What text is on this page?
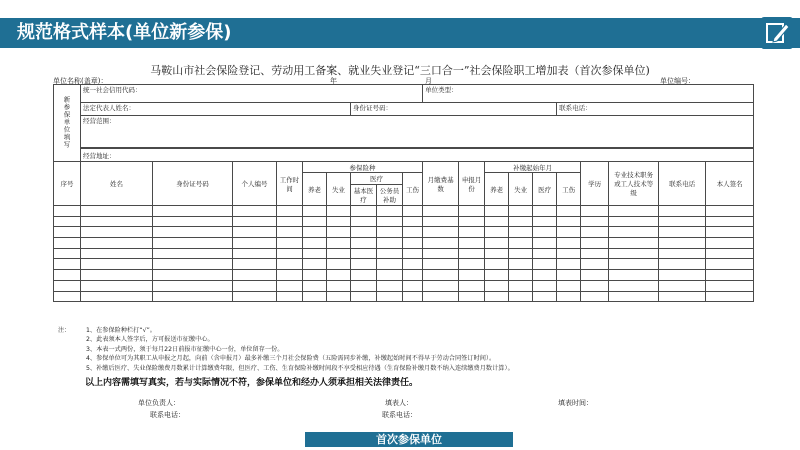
规范格式样本(单位新参保)
马鞍山市社会保险登记、劳动用工备案、就业失业登记“三口合一”社会保险职工增加表（首次参保单位)
单位名称(盖章)：	年	月	单位编号：
新参保单位填写	统一社会信用代码：									单位类型：									
	法定代表人姓名：						身份证号码：								联系电话：				
	经营范围：																		

	经营地址：																		
序号	姓名	身份证号码	个人编号	工作时间	参保险种					月缴费基数	申报月份	补缴起始年月				学历	专业技术职务或工人技术等级	联系电话	本人签名
					养老	失业	医疗		工伤			养老	失业	医疗	工伤				
							基本医疗	公务员补助											

注：	1、在参保险种栏打“√”。
2、此表须本人签字后，方可报送市征缴中心。
3、本表一式两份，须于每月22日前报市征缴中心一份，单位留存一份。
4、参保单位可为其职工从申报之月起，向前（含申报月）最多补缴三个月社会保险费（五险需同步补缴，补缴起始时间不得早于劳动合同签订时间）。
5、补缴后医疗、失业保险缴费月数累计计算缴费年限，但医疗、工伤、生育保险补缴时间段不享受相应待遇（生育保险补缴月数不纳入连续缴费月数计算）。
以上内容需填写真实，若与实际情况不符，参保单位和经办人须承担相关法律责任。
单位负责人：	填表人：	填表时间：
联系电话：	联系电话：
首次参保单位
